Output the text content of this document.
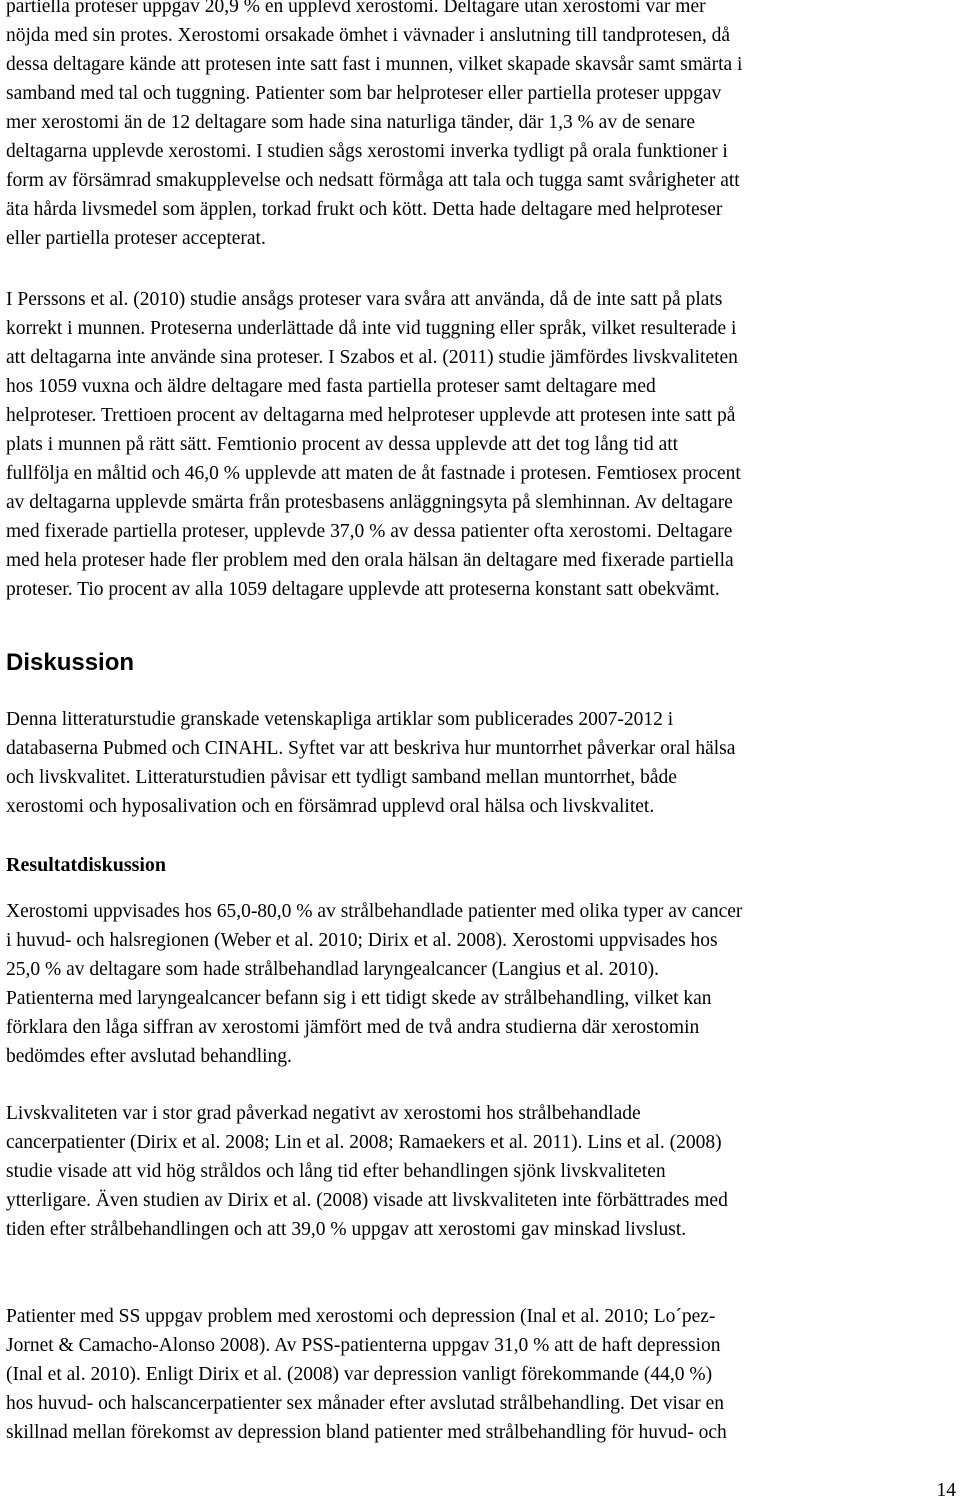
partiella proteser uppgav 20,9 % en upplevd xerostomi. Deltagare utan xerostomi var mer
nöjda med sin protes. Xerostomi orsakade ömhet i vävnader i anslutning till tandprotesen, då
dessa deltagare kände att protesen inte satt fast i munnen, vilket skapade skavsår samt smärta i
samband med tal och tuggning. Patienter som bar helproteser eller partiella proteser uppgav
mer xerostomi än de 12 deltagare som hade sina naturliga tänder, där 1,3 % av de senare
deltagarna upplevde xerostomi. I studien sågs xerostomi inverka tydligt på orala funktioner i
form av försämrad smakupplevelse och nedsatt förmåga att tala och tugga samt svårigheter att
äta hårda livsmedel som äpplen, torkad frukt och kött. Detta hade deltagare med helproteser
eller partiella proteser accepterat.

I Perssons et al. (2010) studie ansågs proteser vara svåra att använda, då de inte satt på plats
korrekt i munnen. Proteserna underlättade då inte vid tuggning eller språk, vilket resulterade i
att deltagarna inte använde sina proteser. I Szabos et al. (2011) studie jämfördes livskvaliteten
hos 1059 vuxna och äldre deltagare med fasta partiella proteser samt deltagare med
helproteser. Trettioen procent av deltagarna med helproteser upplevde att protesen inte satt på
plats i munnen på rätt sätt. Femtionio procent av dessa upplevde att det tog lång tid att
fullfölja en måltid och 46,0 % upplevde att maten de åt fastnade i protesen. Femtiosex procent
av deltagarna upplevde smärta från protesbasens anläggningsyta på slemhinnan. Av deltagare
med fixerade partiella proteser, upplevde 37,0 % av dessa patienter ofta xerostomi. Deltagare
med hela proteser hade fler problem med den orala hälsan än deltagare med fixerade partiella
proteser. Tio procent av alla 1059 deltagare upplevde att proteserna konstant satt obekvämt.

Diskussion

Denna litteraturstudie granskade vetenskapliga artiklar som publicerades 2007-2012 i
databaserna Pubmed och CINAHL. Syftet var att beskriva hur muntorrhet påverkar oral hälsa
och livskvalitet. Litteraturstudien påvisar ett tydligt samband mellan muntorrhet, både
xerostomi och hyposalivation och en försämrad upplevd oral hälsa och livskvalitet.

Resultatdiskussion

Xerostomi uppvisades hos 65,0-80,0 % av strålbehandlade patienter med olika typer av cancer
i huvud- och halsregionen (Weber et al. 2010; Dirix et al. 2008). Xerostomi uppvisades hos
25,0 % av deltagare som hade strålbehandlad laryngealcancer (Langius et al. 2010).
Patienterna med laryngealcancer befann sig i ett tidigt skede av strålbehandling, vilket kan
förklara den låga siffran av xerostomi jämfört med de två andra studierna där xerostomin
bedömdes efter avslutad behandling.

Livskvaliteten var i stor grad påverkad negativt av xerostomi hos strålbehandlade
cancerpatienter (Dirix et al. 2008; Lin et al. 2008; Ramaekers et al. 2011). Lins et al. (2008)
studie visade att vid hög stråldos och lång tid efter behandlingen sjönk livskvaliteten
ytterligare. Även studien av Dirix et al. (2008) visade att livskvaliteten inte förbättrades med
tiden efter strålbehandlingen och att 39,0 % uppgav att xerostomi gav minskad livslust.

Patienter med SS uppgav problem med xerostomi och depression (Inal et al. 2010; Lo´pez-
Jornet & Camacho-Alonso 2008). Av PSS-patienterna uppgav 31,0 % att de haft depression
(Inal et al. 2010). Enligt Dirix et al. (2008) var depression vanligt förekommande (44,0 %)
hos huvud- och halscancerpatienter sex månader efter avslutad strålbehandling. Det visar en
skillnad mellan förekomst av depression bland patienter med strålbehandling för huvud- och

14
